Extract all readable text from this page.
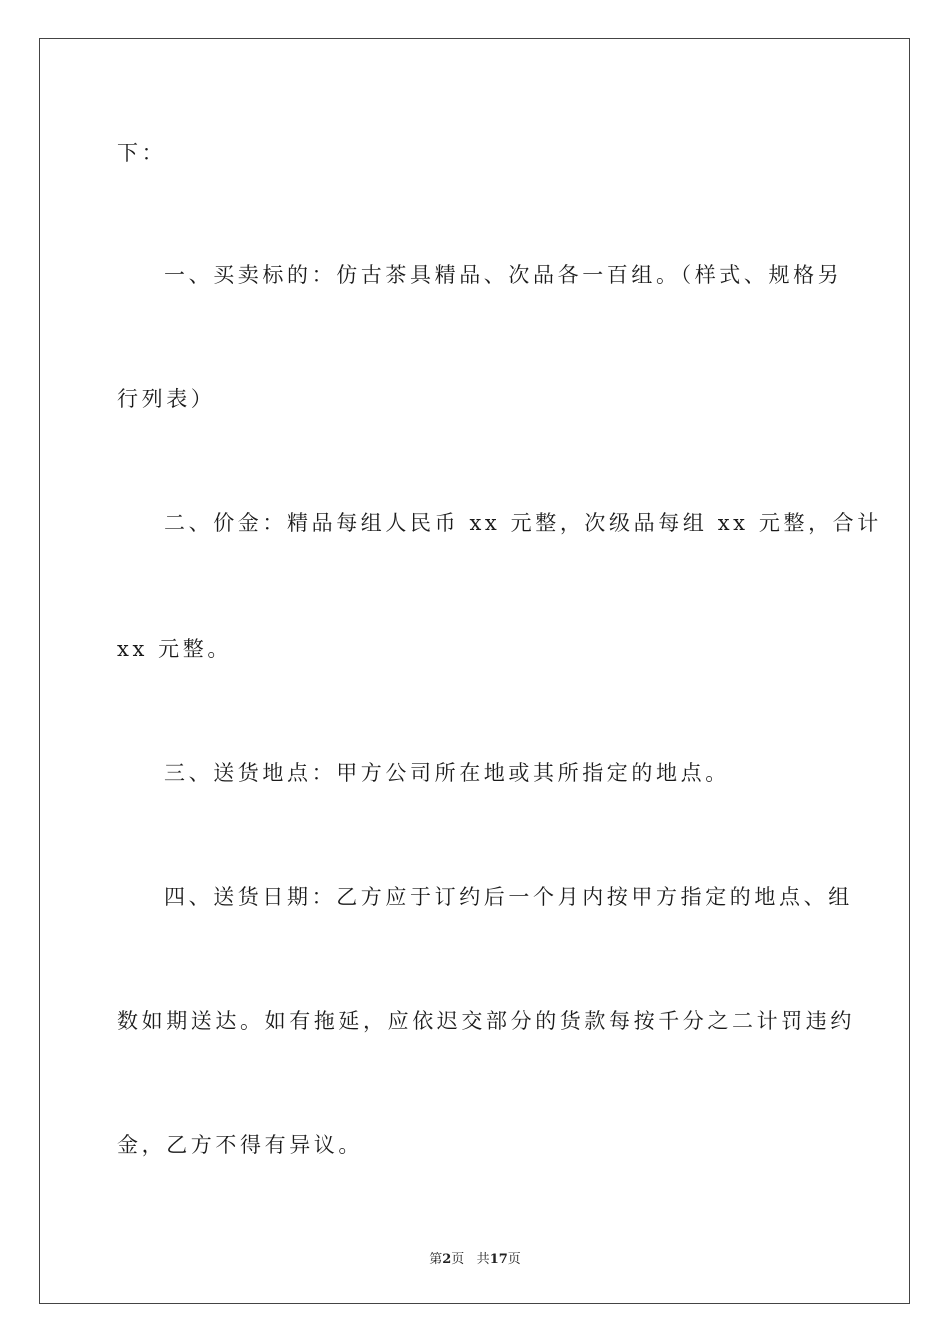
下：
一、买卖标的：仿古茶具精品、次品各一百组。（样式、规格另
行列表）
二、价金：精品每组人民币 xx 元整，次级品每组 xx 元整，合计
xx 元整。
三、送货地点：甲方公司所在地或其所指定的地点。
四、送货日期：乙方应于订约后一个月内按甲方指定的地点、组
数如期送达。如有拖延，应依迟交部分的货款每按千分之二计罚违约
金，乙方不得有异议。
第2页 共17页
